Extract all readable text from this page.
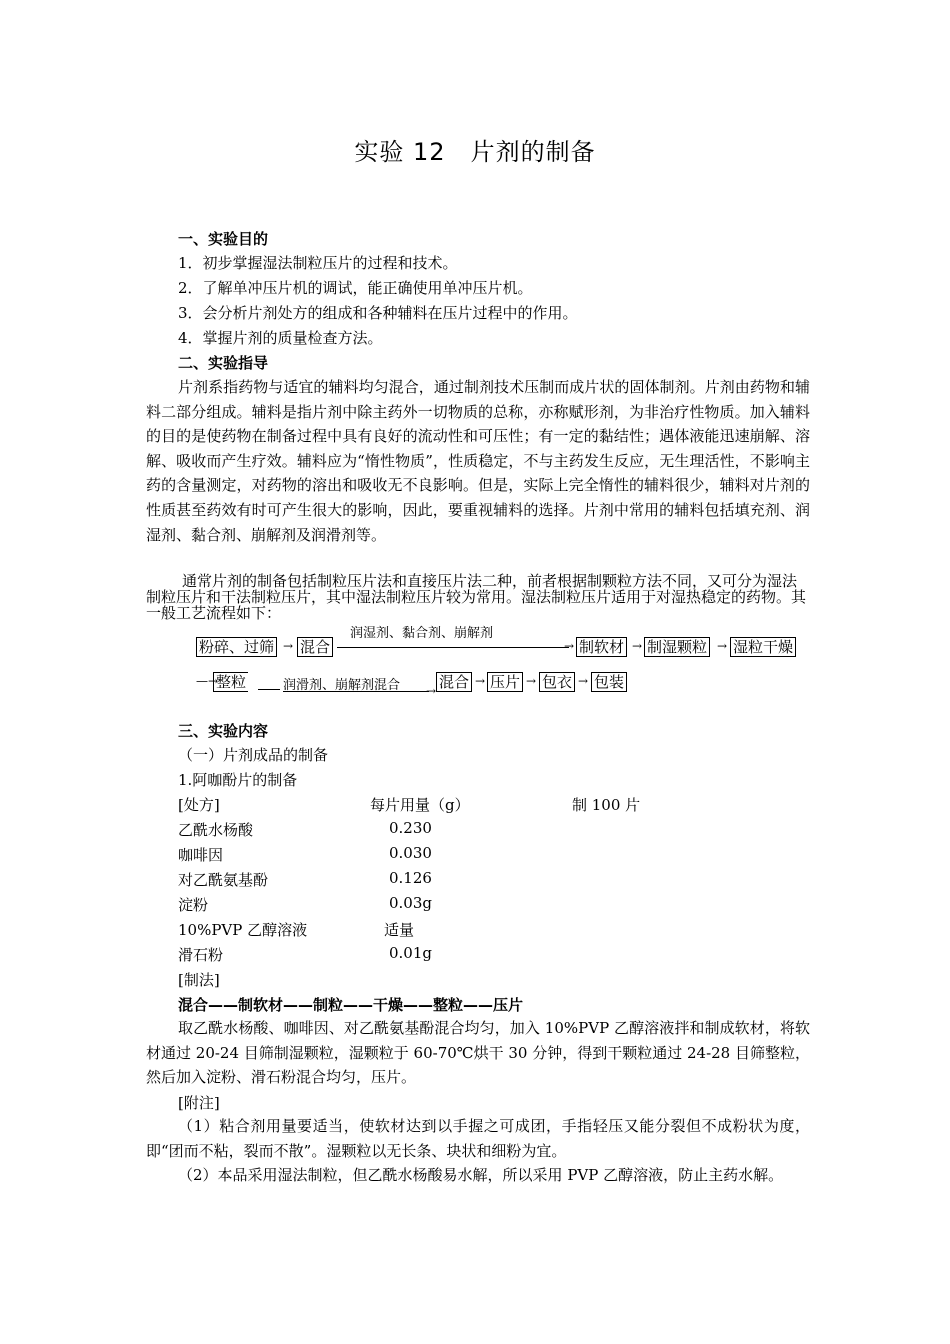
实验 12　片剂的制备
一、实验目的
1．初步掌握湿法制粒压片的过程和技术。
2．了解单冲压片机的调试，能正确使用单冲压片机。
3．会分析片剂处方的组成和各种辅料在压片过程中的作用。
4．掌握片剂的质量检查方法。
二、实验指导

片剂系指药物与适宜的辅料均匀混合，通过制剂技术压制而成片状的固体制剂。片剂由药物和辅料二部分组成。辅料是指片剂中除主药外一切物质的总称，亦称赋形剂，为非治疗性物质。加入辅料的目的是使药物在制备过程中具有良好的流动性和可压性；有一定的黏结性；遇体液能迅速崩解、溶解、吸收而产生疗效。辅料应为“惰性物质”，性质稳定，不与主药发生反应，无生理活性，不影响主药的含量测定，对药物的溶出和吸收无不良影响。但是，实际上完全惰性的辅料很少，辅料对片剂的性质甚至药效有时可产生很大的影响，因此，要重视辅料的选择。片剂中常用的辅料包括填充剂、润湿剂、黏合剂、崩解剂及润滑剂等。

通常片剂的制备包括制粒压片法和直接压片法二种，前者根据制颗粒方法不同，又可分为湿法制粒压片和干法制粒压片，其中湿法制粒压片较为常用。湿法制粒压片适用于对湿热稳定的药物。其一般工艺流程如下：

润湿剂、黏合剂、崩解剂
粉碎、过筛 → 混合	→ 制软材 → 制湿颗粒 → 湿粒干燥
—→
整粒	润滑剂、崩解剂混合 → 混合 → 压片 → 包衣 → 包装
三、实验内容
（一）片剂成品的制备
1.阿咖酚片的制备
[处方]	每片用量（g）	制 100 片
乙酰水杨酸	0.230
咖啡因	0.030
对乙酰氨基酚	0.126
淀粉	0.03g
10%PVP 乙醇溶液	适量
滑石粉	0.01g
[制法]
混合——制软材——制粒——干燥——整粒——压片

取乙酰水杨酸、咖啡因、对乙酰氨基酚混合均匀，加入 10%PVP 乙醇溶液拌和制成软材，将软材通过 20-24 目筛制湿颗粒，湿颗粒于 60-70℃烘干 30 分钟，得到干颗粒通过 24-28 目筛整粒，然后加入淀粉、滑石粉混合均匀，压片。

[附注]

（1）粘合剂用量要适当，使软材达到以手握之可成团，手指轻压又能分裂但不成粉状为度，即“团而不粘，裂而不散”。湿颗粒以无长条、块状和细粉为宜。

（2）本品采用湿法制粒，但乙酰水杨酸易水解，所以采用 PVP 乙醇溶液，防止主药水解。
